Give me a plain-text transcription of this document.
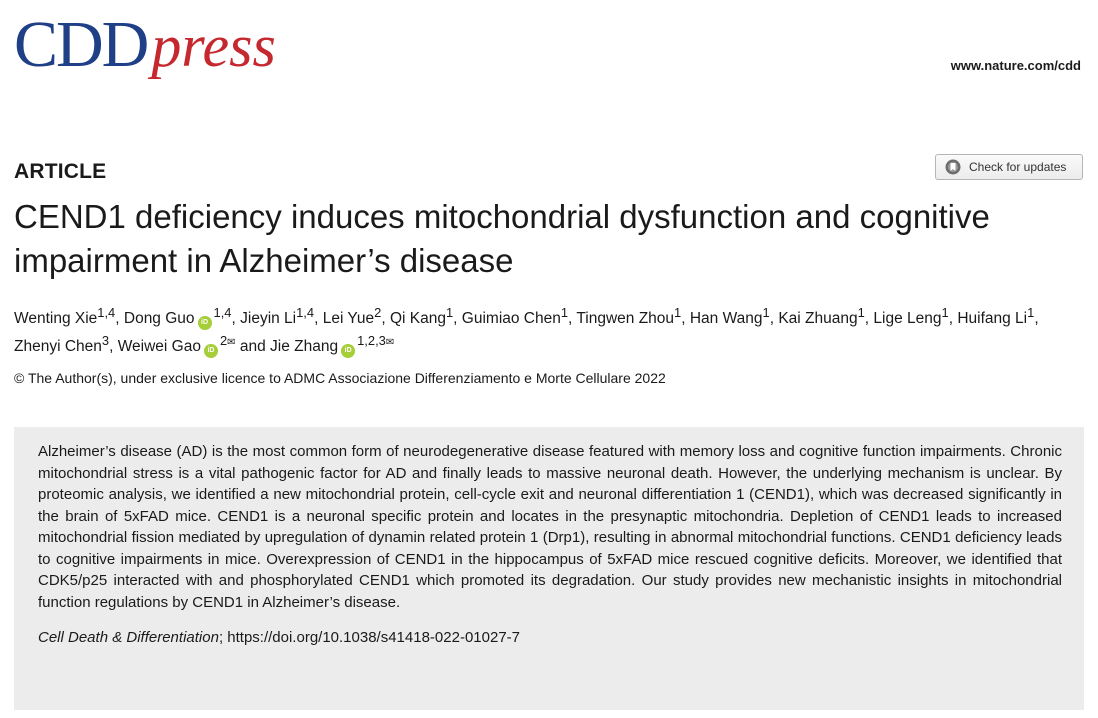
CDD press	www.nature.com/cdd
ARTICLE	Check for updates
CEND1 deficiency induces mitochondrial dysfunction and cognitive impairment in Alzheimer’s disease
Wenting Xie$^{1,4}$, Dong Guo iD$^{1,4}$, Jieyin Li$^{1,4}$, Lei Yue$^2$, Qi Kang$^1$, Guimiao Chen$^1$, Tingwen Zhou$^1$, Han Wang$^1$, Kai Zhuang$^1$, Lige Leng$^1$, Huifang Li$^1$, Zhenyi Chen$^3$, Weiwei Gao $iD^{2✉}$ and Jie Zhang $iD^{1,2,3✉}$
© The Author(s), under exclusive licence to ADMC Associazione Differenziamento e Morte Cellulare 2022

Alzheimer’s disease (AD) is the most common form of neurodegenerative disease featured with memory loss and cognitive function impairments. Chronic mitochondrial stress is a vital pathogenic factor for AD and finally leads to massive neuronal death. However, the underlying mechanism is unclear. By proteomic analysis, we identified a new mitochondrial protein, cell-cycle exit and neuronal differentiation 1 (CEND1), which was decreased significantly in the brain of 5xFAD mice. CEND1 is a neuronal specific protein and locates in the presynaptic mitochondria. Depletion of CEND1 leads to increased mitochondrial fission mediated by upregulation of dynamin related protein 1 (Drp1), resulting in abnormal mitochondrial functions. CEND1 deficiency leads to cognitive impairments in mice. Overexpression of CEND1 in the hippocampus of 5xFAD mice rescued cognitive deficits. Moreover, we identified that CDK5/p25 interacted with and phosphorylated CEND1 which promoted its degradation. Our study provides new mechanistic insights in mitochondrial function regulations by CEND1 in Alzheimer’s disease.

Cell Death & Differentiation; https://doi.org/10.1038/s41418-022-01027-7
